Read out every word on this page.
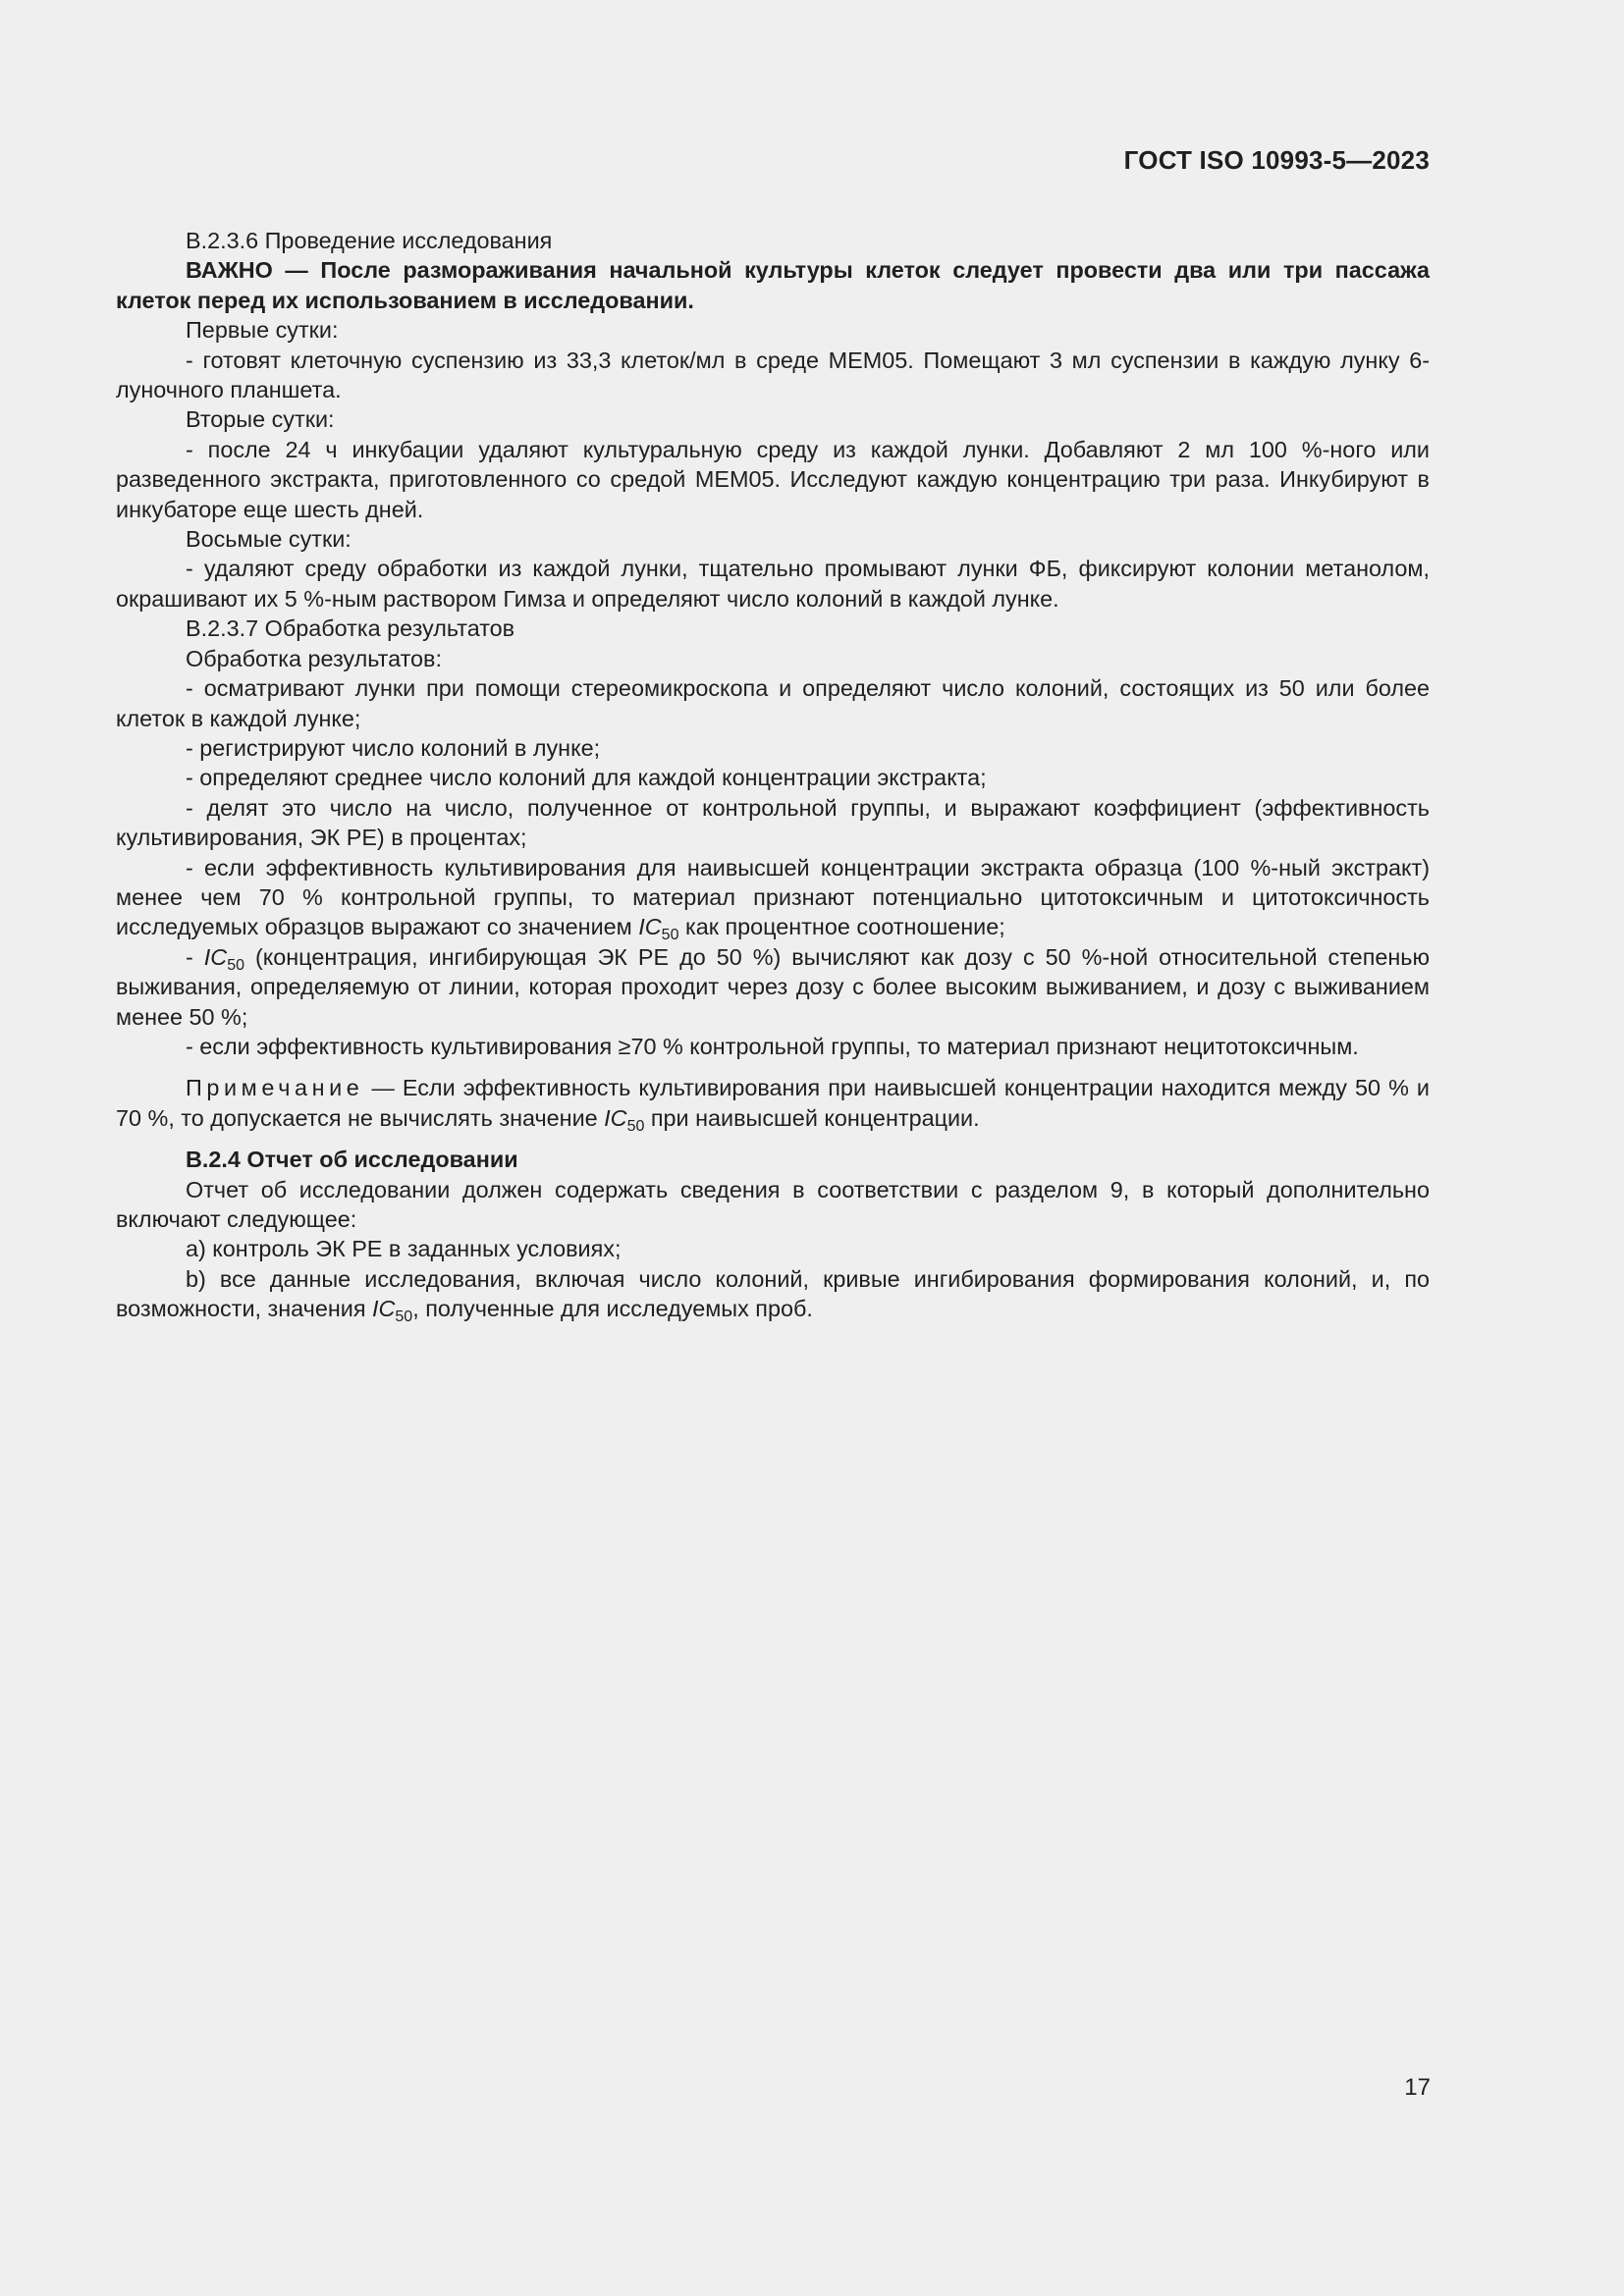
ГОСТ ISO 10993-5—2023

В.2.3.6 Проведение исследования

ВАЖНО — После размораживания начальной культуры клеток следует провести два или три пассажа клеток перед их использованием в исследовании.

Первые сутки:

- готовят клеточную суспензию из 33,3 клеток/мл в среде MEM05. Помещают 3 мл суспензии в каждую лунку 6-луночного планшета.

Вторые сутки:

- после 24 ч инкубации удаляют культуральную среду из каждой лунки. Добавляют 2 мл 100 %-ного или разведенного экстракта, приготовленного со средой MEM05. Исследуют каждую концентрацию три раза. Инкубируют в инкубаторе еще шесть дней.

Восьмые сутки:

- удаляют среду обработки из каждой лунки, тщательно промывают лунки ФБ, фиксируют колонии метанолом, окрашивают их 5 %-ным раствором Гимза и определяют число колоний в каждой лунке.

В.2.3.7 Обработка результатов

Обработка результатов:

- осматривают лунки при помощи стереомикроскопа и определяют число колоний, состоящих из 50 или более клеток в каждой лунке;

- регистрируют число колоний в лунке;

- определяют среднее число колоний для каждой концентрации экстракта;

- делят это число на число, полученное от контрольной группы, и выражают коэффициент (эффективность культивирования, ЭК PE) в процентах;

- если эффективность культивирования для наивысшей концентрации экстракта образца (100 %-ный экстракт) менее чем 70 % контрольной группы, то материал признают потенциально цитотоксичным и цитотоксичность исследуемых образцов выражают со значением $IC_{50}$ как процентное соотношение;

- $IC_{50}$ (концентрация, ингибирующая ЭК PE до 50 %) вычисляют как дозу с 50 %-ной относительной степенью выживания, определяемую от линии, которая проходит через дозу с более высоким выживанием, и дозу с выживанием менее 50 %;

- если эффективность культивирования ≥70 % контрольной группы, то материал признают нецитотоксичным.

Примечание — Если эффективность культивирования при наивысшей концентрации находится между 50 % и 70 %, то допускается не вычислять значение $IC_{50}$ при наивысшей концентрации.

В.2.4 Отчет об исследовании

Отчет об исследовании должен содержать сведения в соответствии с разделом 9, в который дополнительно включают следующее:

a) контроль ЭК PE в заданных условиях;

b) все данные исследования, включая число колоний, кривые ингибирования формирования колоний, и, по возможности, значения $IC_{50}$, полученные для исследуемых проб.

17
